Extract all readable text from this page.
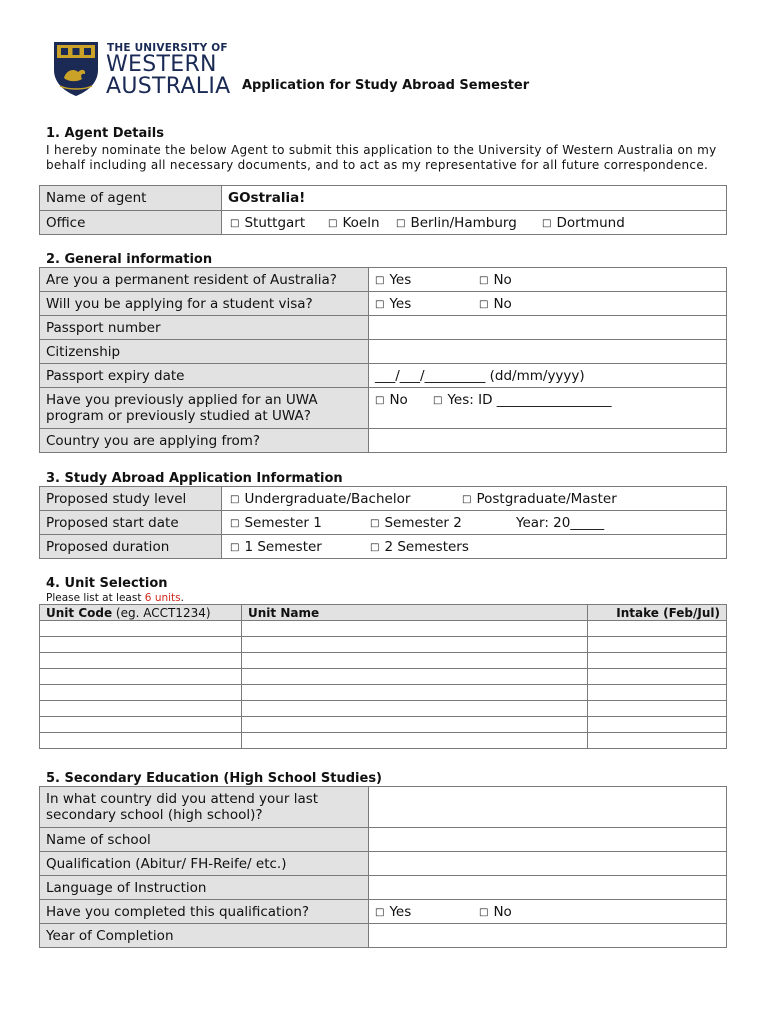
THE UNIVERSITY OF
WESTERN
AUSTRALIA Application for Study Abroad Semester
1. Agent Details
I hereby nominate the below Agent to submit this application to the University of Western Australia on my behalf including all necessary documents, and to act as my representative for all future correspondence.
Name of agent	GOstralia!
Office	□ Stuttgart □ Koeln □ Berlin/Hamburg □ Dortmund
2. General information
Are you a permanent resident of Australia?	□ Yes □ No

Will you be applying for a student visa?	□ Yes □ No

Passport number	
Citizenship	
Passport expiry date	___/___/_________ (dd/mm/yyyy)
Have you previously applied for an UWA program or previously studied at UWA?	□ No □ Yes: ID _________________

Country you are applying from?	
3. Study Abroad Application Information
Proposed study level	□ Undergraduate/Bachelor □ Postgraduate/Master

Proposed start date	□ Semester 1 □ Semester 2 Year: 20_____

Proposed duration	□ 1 Semester □ 2 Semesters
4. Unit Selection
Please list at least 6 units.
Unit Code (eg. ACCT1234)	Unit Name	Intake (Feb/Jul)

5. Secondary Education (High School Studies)
In what country did you attend your last secondary school (high school)?	
Name of school	
Qualification (Abitur/ FH-Reife/ etc.)	
Language of Instruction	
Have you completed this qualification?	□ Yes □ No

Year of Completion	
